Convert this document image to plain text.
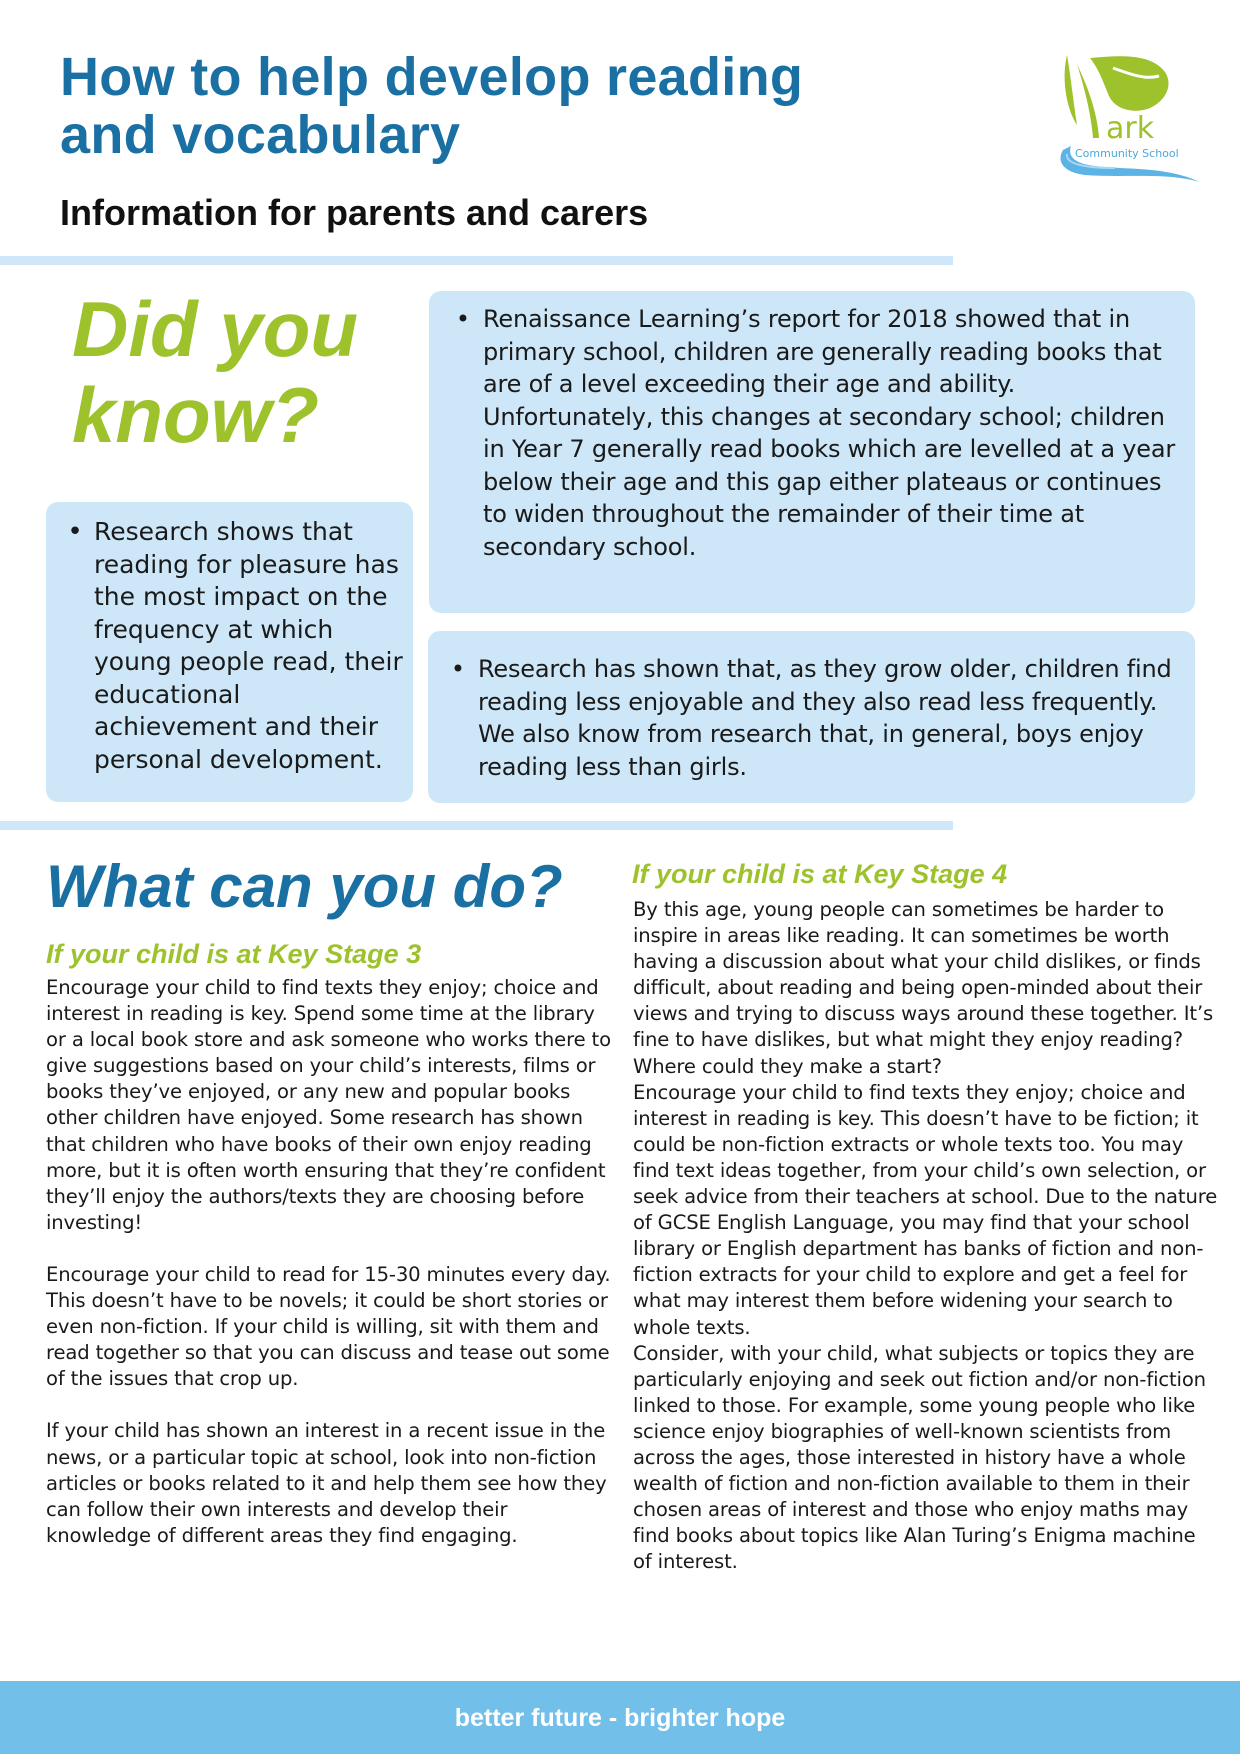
How to help develop reading
and vocabulary
Information for parents and carers
ark
Community School
Did you
know?
• Research shows that reading for pleasure has the most impact on the frequency at which young people read, their educational achievement and their personal development.
• Renaissance Learning’s report for 2018 showed that in primary school, children are generally reading books that are of a level exceeding their age and ability. Unfortunately, this changes at secondary school; children in Year 7 generally read books which are levelled at a year below their age and this gap either plateaus or continues to widen throughout the remainder of their time at secondary school.
• Research has shown that, as they grow older, children find reading less enjoyable and they also read less frequently. We also know from research that, in general, boys enjoy reading less than girls.
What can you do?
If your child is at Key Stage 3

Encourage your child to find texts they enjoy; choice and interest in reading is key. Spend some time at the library or a local book store and ask someone who works there to give suggestions based on your child’s interests, films or books they’ve enjoyed, or any new and popular books other children have enjoyed. Some research has shown that children who have books of their own enjoy reading more, but it is often worth ensuring that they’re confident they’ll enjoy the authors/texts they are choosing before investing!

Encourage your child to read for 15-30 minutes every day. This doesn’t have to be novels; it could be short stories or even non-fiction. If your child is willing, sit with them and read together so that you can discuss and tease out some of the issues that crop up.

If your child has shown an interest in a recent issue in the news, or a particular topic at school, look into non-fiction articles or books related to it and help them see how they can follow their own interests and develop their knowledge of different areas they find engaging.

If your child is at Key Stage 4

By this age, young people can sometimes be harder to inspire in areas like reading. It can sometimes be worth having a discussion about what your child dislikes, or finds difficult, about reading and being open-minded about their views and trying to discuss ways around these together. It’s fine to have dislikes, but what might they enjoy reading? Where could they make a start?

Encourage your child to find texts they enjoy; choice and interest in reading is key. This doesn’t have to be fiction; it could be non-fiction extracts or whole texts too. You may find text ideas together, from your child’s own selection, or seek advice from their teachers at school. Due to the nature of GCSE English Language, you may find that your school library or English department has banks of fiction and non-fiction extracts for your child to explore and get a feel for what may interest them before widening your search to whole texts.

Consider, with your child, what subjects or topics they are particularly enjoying and seek out fiction and/or non-fiction linked to those. For example, some young people who like science enjoy biographies of well-known scientists from across the ages, those interested in history have a whole wealth of fiction and non-fiction available to them in their chosen areas of interest and those who enjoy maths may find books about topics like Alan Turing’s Enigma machine of interest.

better future - brighter hope
